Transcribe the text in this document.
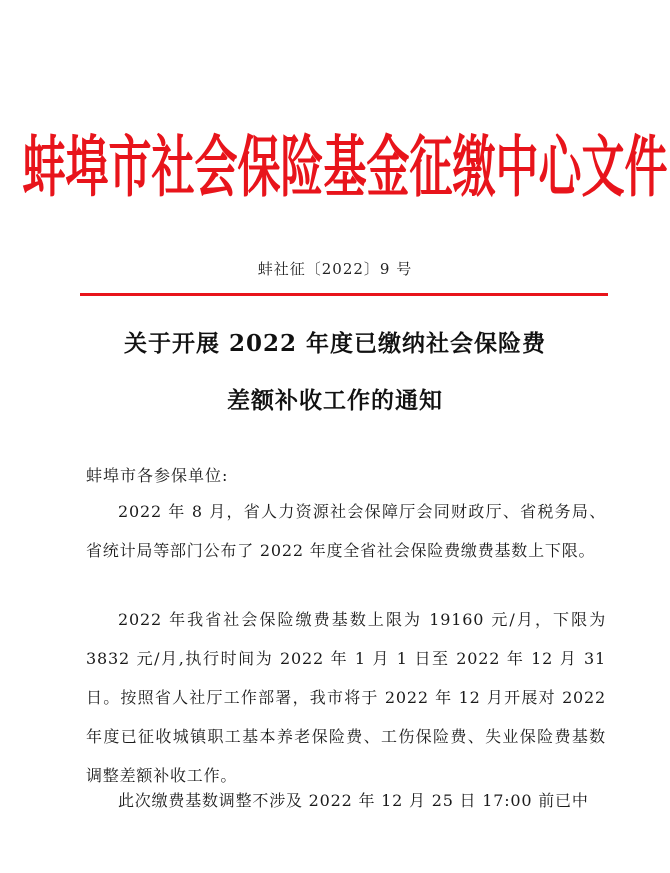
蚌埠市社会保险基金征缴中心文件
蚌社征〔2022〕9 号
关于开展 2022 年度已缴纳社会保险费
差额补收工作的通知
蚌埠市各参保单位:

2022 年 8 月，省人力资源社会保障厅会同财政厅、省税务局、省统计局等部门公布了 2022 年度全省社会保险费缴费基数上下限。

2022 年我省社会保险缴费基数上限为 19160 元/月，下限为 3832 元/月,执行时间为 2022 年 1 月 1 日至 2022 年 12 月 31 日。按照省人社厅工作部署，我市将于 2022 年 12 月开展对 2022 年度已征收城镇职工基本养老保险费、工伤保险费、失业保险费基数调整差额补收工作。

此次缴费基数调整不涉及 2022 年 12 月 25 日 17:00 前已中
